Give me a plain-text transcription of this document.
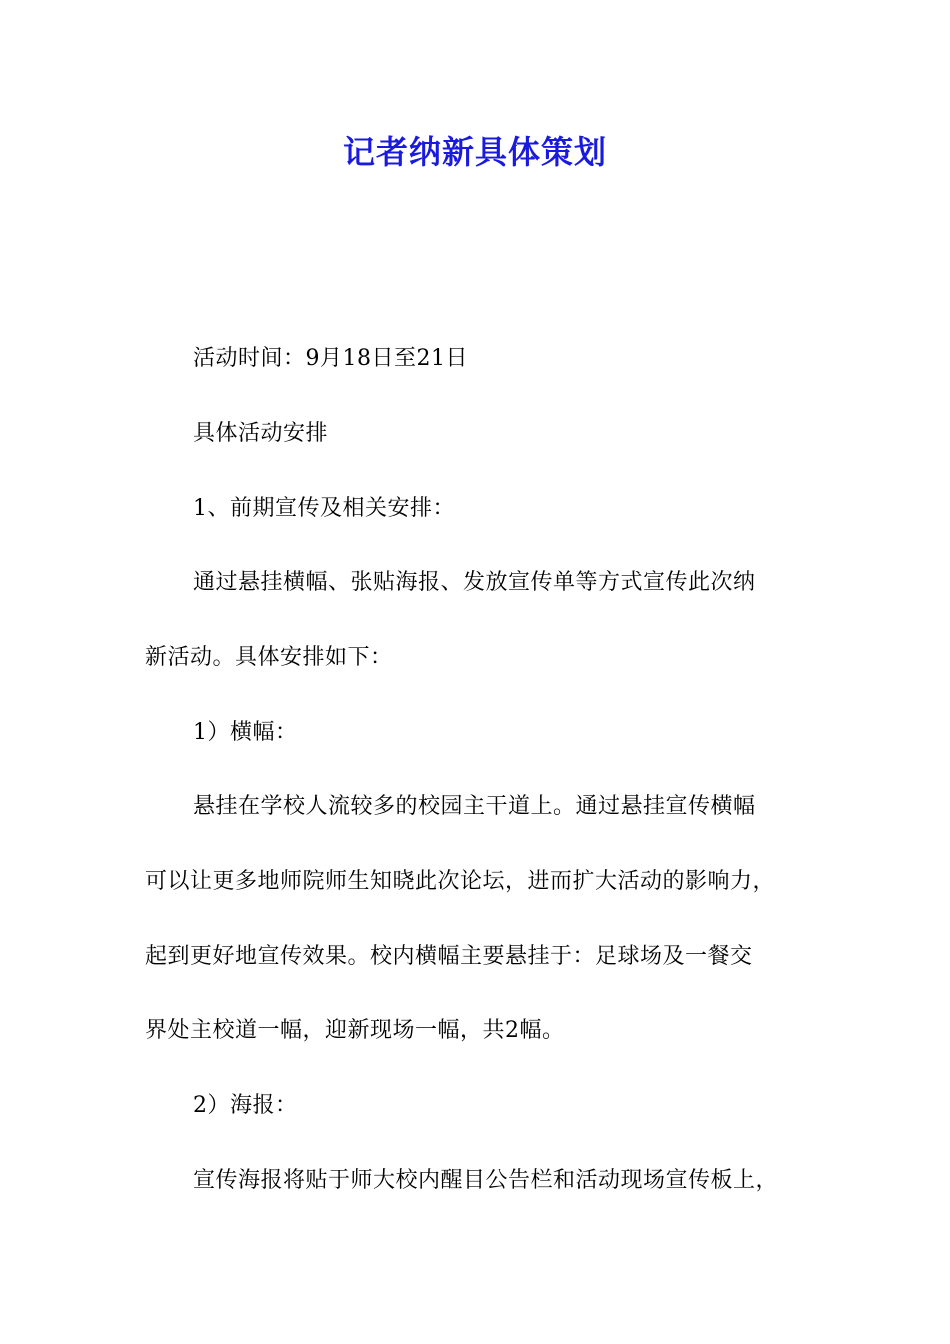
记者纳新具体策划
活动时间：9月18日至21日
具体活动安排
1、前期宣传及相关安排：
通过悬挂横幅、张贴海报、发放宣传单等方式宣传此次纳
新活动。具体安排如下：
1）横幅：
悬挂在学校人流较多的校园主干道上。通过悬挂宣传横幅
可以让更多地师院师生知晓此次论坛，进而扩大活动的影响力，
起到更好地宣传效果。校内横幅主要悬挂于：足球场及一餐交
界处主校道一幅，迎新现场一幅，共2幅。
2）海报：
宣传海报将贴于师大校内醒目公告栏和活动现场宣传板上，
